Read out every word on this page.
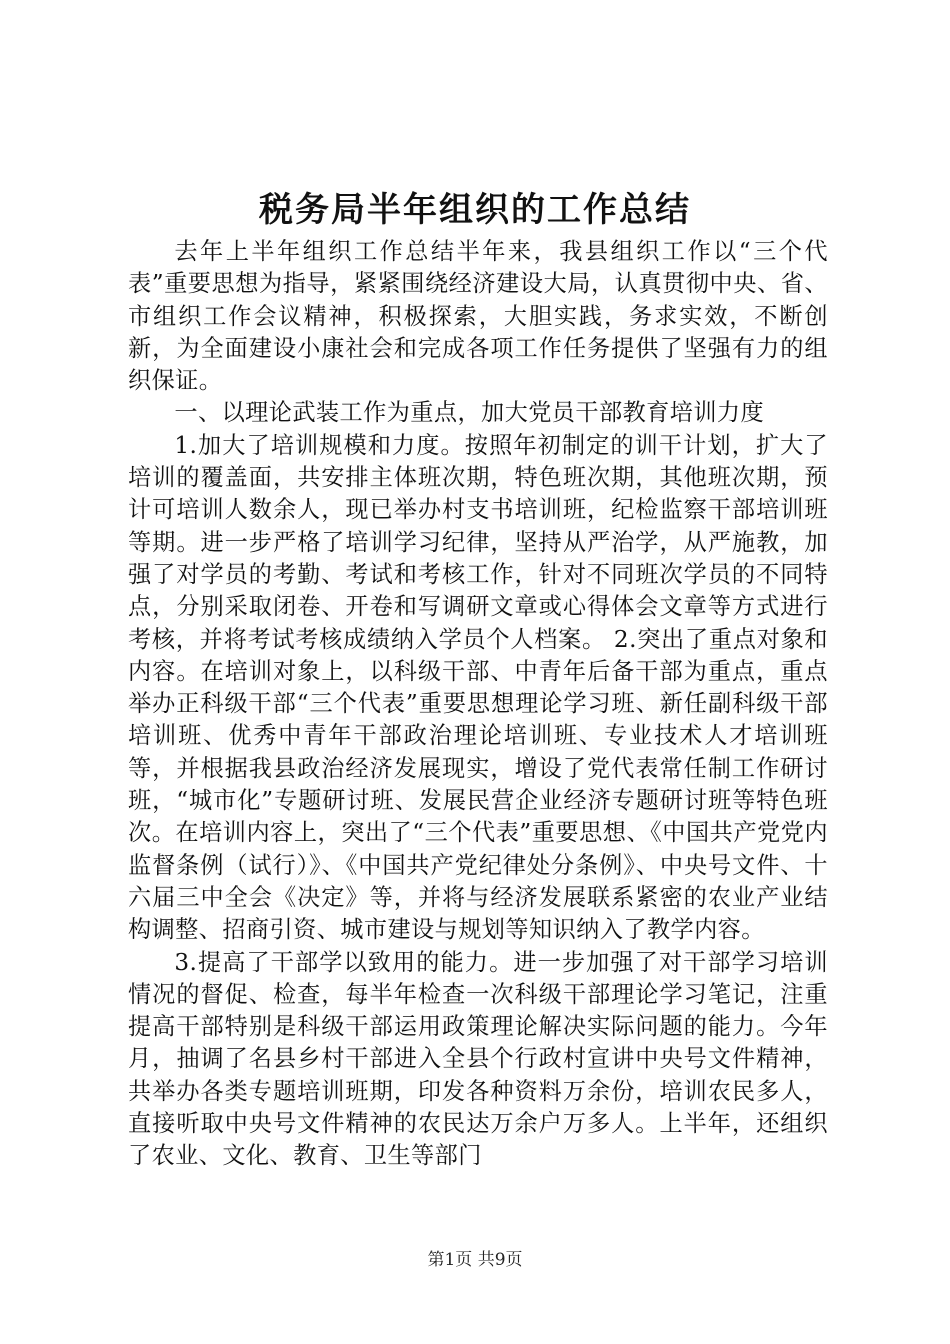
税务局半年组织的工作总结

去年上半年组织工作总结半年来，我县组织工作以“三个代表”重要思想为指导，紧紧围绕经济建设大局，认真贯彻中央、省、市组织工作会议精神，积极探索，大胆实践，务求实效，不断创新，为全面建设小康社会和完成各项工作任务提供了坚强有力的组织保证。

一、以理论武装工作为重点，加大党员干部教育培训力度

1.加大了培训规模和力度。按照年初制定的训干计划，扩大了培训的覆盖面，共安排主体班次期，特色班次期，其他班次期，预计可培训人数余人，现已举办村支书培训班，纪检监察干部培训班等期。进一步严格了培训学习纪律，坚持从严治学，从严施教，加强了对学员的考勤、考试和考核工作，针对不同班次学员的不同特点，分别采取闭卷、开卷和写调研文章或心得体会文章等方式进行考核，并将考试考核成绩纳入学员个人档案。 2.突出了重点对象和内容。在培训对象上，以科级干部、中青年后备干部为重点，重点举办正科级干部“三个代表”重要思想理论学习班、新任副科级干部培训班、优秀中青年干部政治理论培训班、专业技术人才培训班等，并根据我县政治经济发展现实，增设了党代表常任制工作研讨班，“城市化”专题研讨班、发展民营企业经济专题研讨班等特色班次。在培训内容上，突出了“三个代表”重要思想、《中国共产党党内监督条例（试行）》、《中国共产党纪律处分条例》、中央号文件、十六届三中全会《决定》等，并将与经济发展联系紧密的农业产业结构调整、招商引资、城市建设与规划等知识纳入了教学内容。

3.提高了干部学以致用的能力。进一步加强了对干部学习培训情况的督促、检查，每半年检查一次科级干部理论学习笔记，注重提高干部特别是科级干部运用政策理论解决实际问题的能力。今年月，抽调了名县乡村干部进入全县个行政村宣讲中央号文件精神，共举办各类专题培训班期，印发各种资料万余份，培训农民多人，直接听取中央号文件精神的农民达万余户万多人。上半年，还组织了农业、文化、教育、卫生等部门

第1页 共9页
